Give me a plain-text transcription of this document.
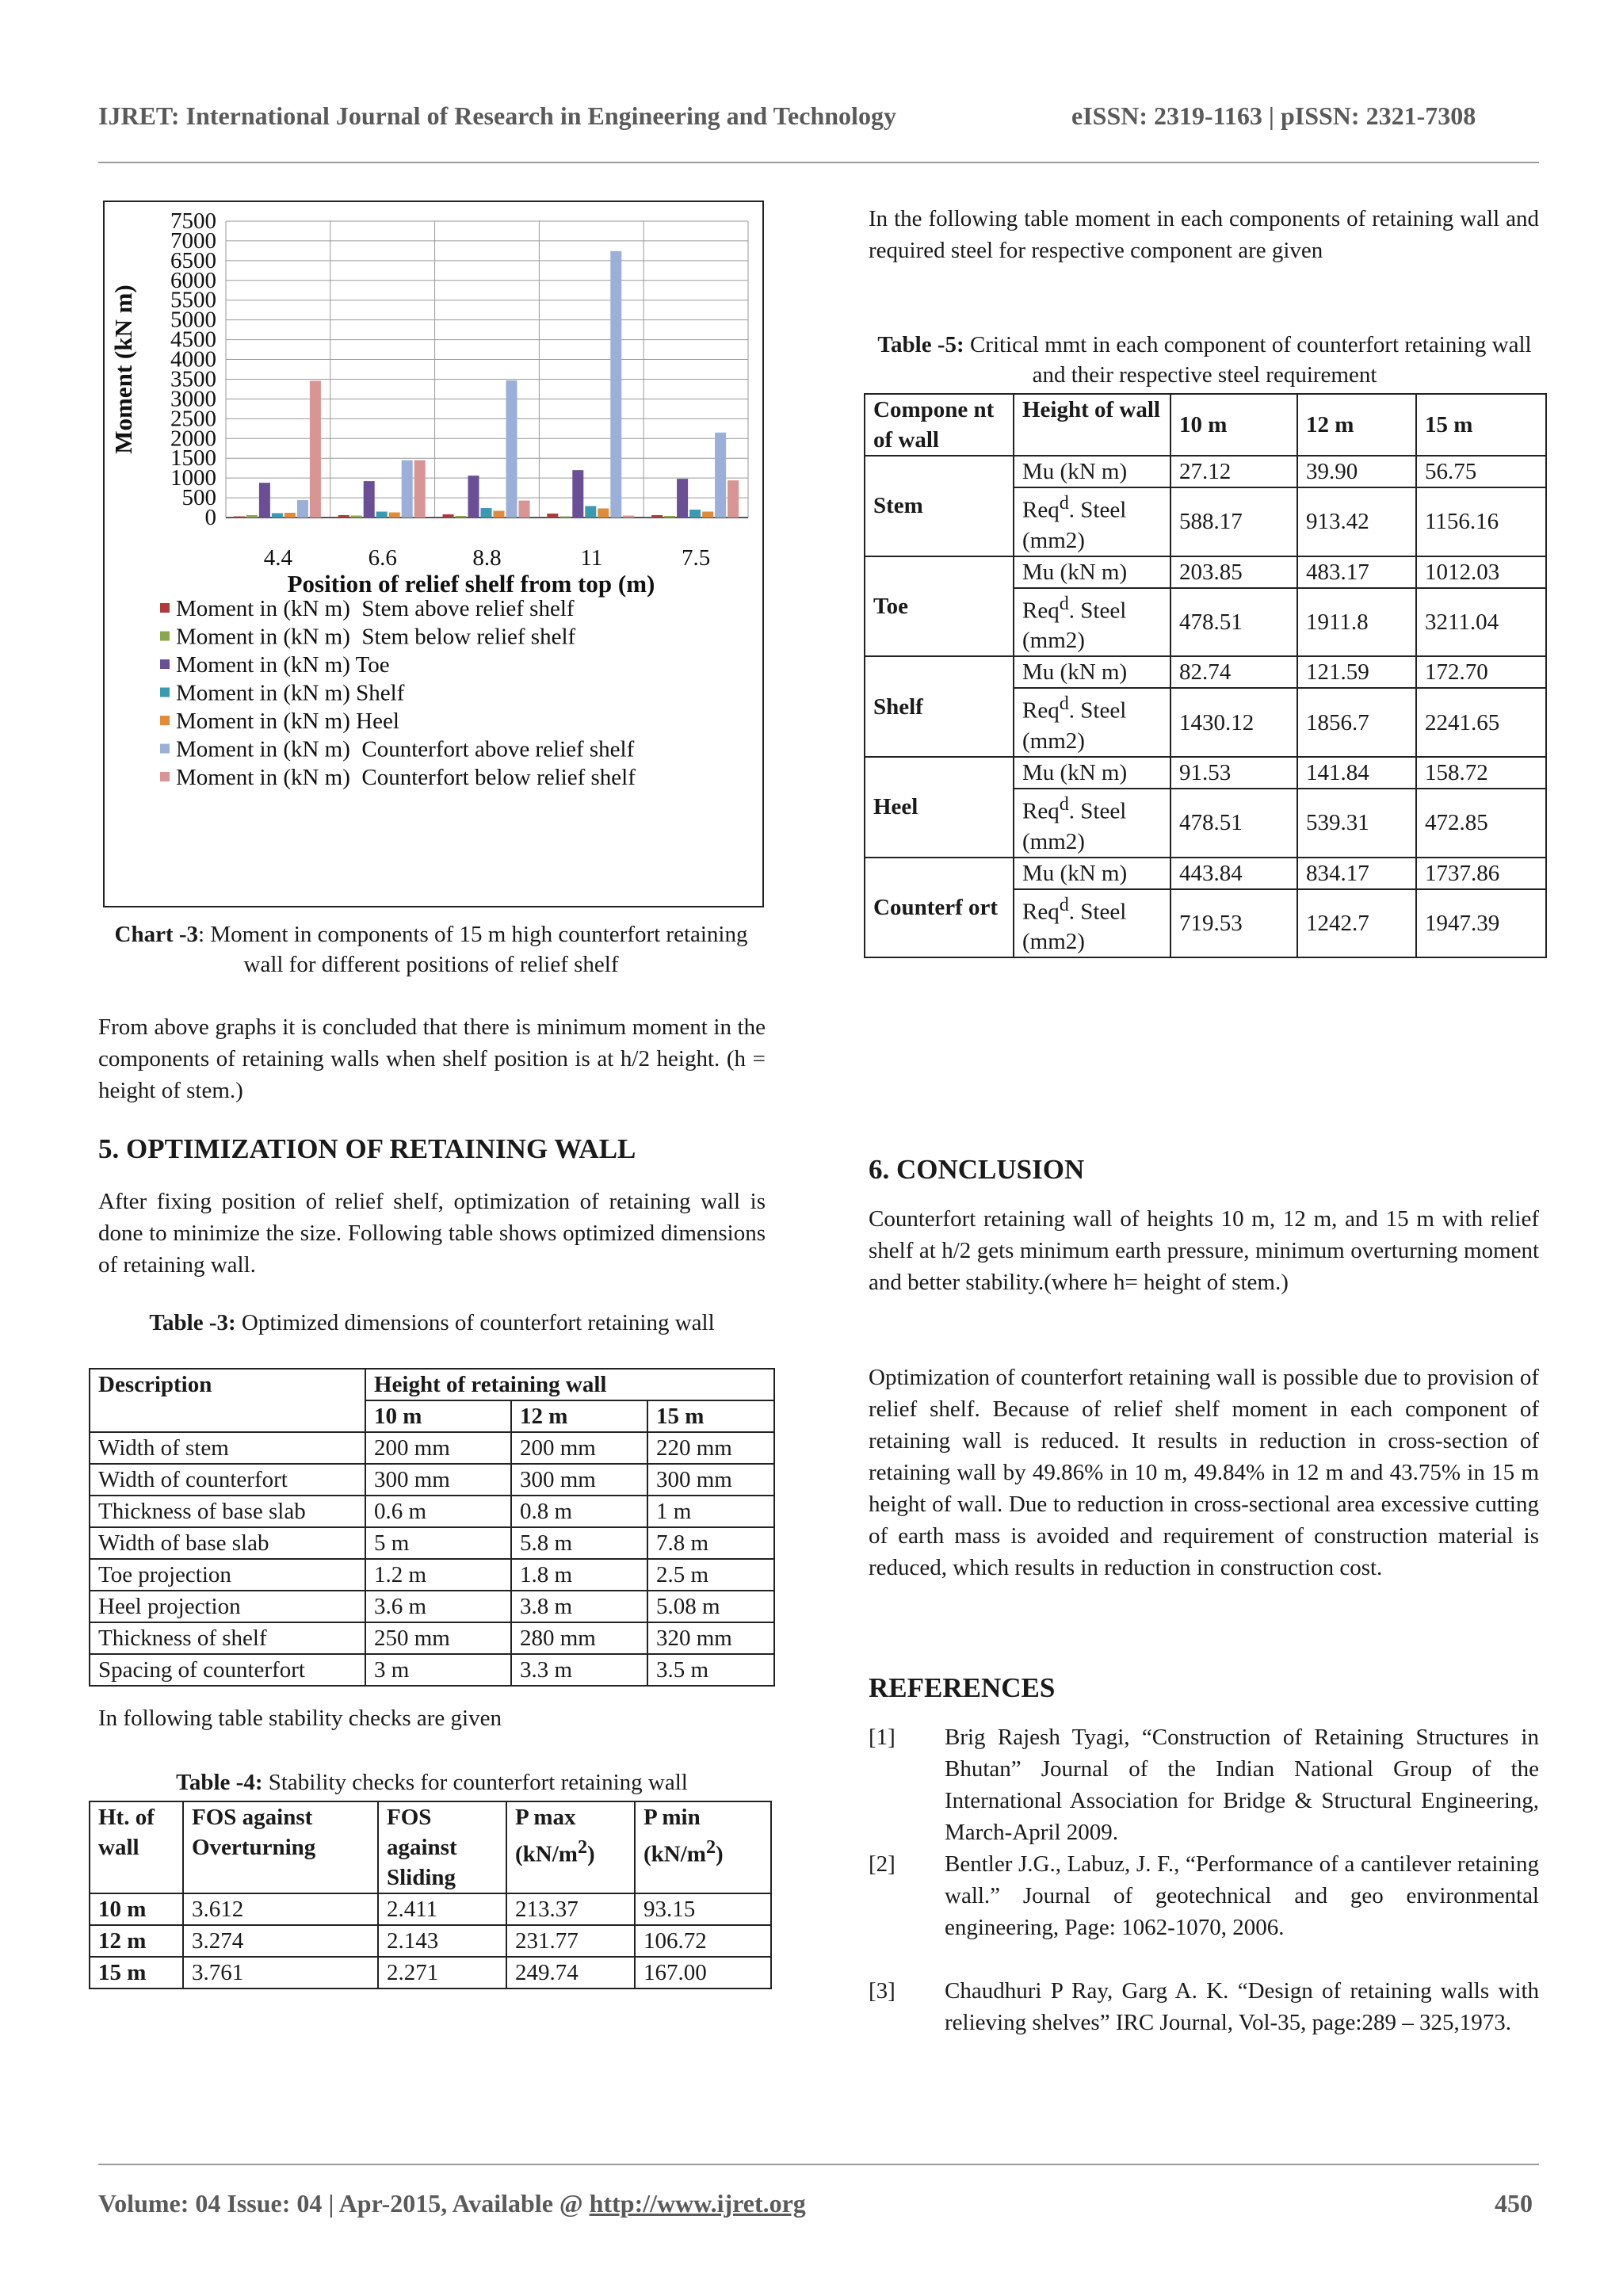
IJRET: International Journal of Research in Engineering and Technology	eISSN: 2319-1163 | pISSN: 2321-7308
7500
7000
6500
6000
5500
5000
4500
4000
3500
3000
2500
2000
1500
1000
500
0
4.4	6.6	8.8	11	7.5
Moment (kN m)
Position of relief shelf from top (m)
Moment in (kN m)  Stem above relief shelf
Moment in (kN m)  Stem below relief shelf
Moment in (kN m) Toe
Moment in (kN m) Shelf
Moment in (kN m) Heel
Moment in (kN m)  Counterfort above relief shelf
Moment in (kN m)  Counterfort below relief shelf
Chart -3: Moment in components of 15 m high counterfort retaining wall for different positions of relief shelf
From above graphs it is concluded that there is minimum moment in the components of retaining walls when shelf position is at h/2 height. (h = height of stem.)
5. OPTIMIZATION OF RETAINING WALL
After fixing position of relief shelf, optimization of retaining wall is done to minimize the size. Following table shows optimized dimensions of retaining wall.
Table -3: Optimized dimensions of counterfort retaining wall
Description	Height of retaining wall		
	10 m	12 m	15 m
Width of stem	200 mm	200 mm	220 mm
Width of counterfort	300 mm	300 mm	300 mm
Thickness of base slab	0.6 m	0.8 m	1 m
Width of base slab	5 m	5.8 m	7.8 m
Toe projection	1.2 m	1.8 m	2.5 m
Heel projection	3.6 m	3.8 m	5.08 m
Thickness of shelf	250 mm	280 mm	320 mm
Spacing of counterfort	3 m	3.3 m	3.5 m
In following table stability checks are given
Table -4: Stability checks for counterfort retaining wall
Ht. of wall	FOS against Overturning	FOS against Sliding	P $\max (kN/m^2)$	P $\min (kN/m^2)$
10 m	3.612	2.411	213.37	93.15
12 m	3.274	2.143	231.77	106.72
15 m	3.761	2.271	249.74	167.00
In the following table moment in each components of retaining wall and required steel for respective component are given
Table -5: Critical mmt in each component of counterfort retaining wall and their respective steel requirement
Compone nt of wall	Height of wall	10 m	12 m	15 m
Stem	Mu (kN m)	27.12	39.90	56.75
	Req$^d$. Steel (mm2)	588.17	913.42	1156.16
Toe	Mu (kN m)	203.85	483.17	1012.03
	Req$^d$. Steel (mm2)	478.51	1911.8	3211.04
Shelf	Mu (kN m)	82.74	121.59	172.70
	Req$^d$. Steel (mm2)	1430.12	1856.7	2241.65
Heel	Mu (kN m)	91.53	141.84	158.72
	Req$^d$. Steel (mm2)	478.51	539.31	472.85
Counterf ort	Mu (kN m)	443.84	834.17	1737.86
	Req$^d$. Steel (mm2)	719.53	1242.7	1947.39
6. CONCLUSION
Counterfort retaining wall of heights 10 m, 12 m, and 15 m with relief shelf at h/2 gets minimum earth pressure, minimum overturning moment and better stability.(where h= height of stem.)
Optimization of counterfort retaining wall is possible due to provision of relief shelf. Because of relief shelf moment in each component of retaining wall is reduced. It results in reduction in cross-section of retaining wall by 49.86% in 10 m, 49.84% in 12 m and 43.75% in 15 m height of wall. Due to reduction in cross-sectional area excessive cutting of earth mass is avoided and requirement of construction material is reduced, which results in reduction in construction cost.
REFERENCES
[1] Brig Rajesh Tyagi, “Construction of Retaining Structures in Bhutan” Journal of the Indian National Group of the International Association for Bridge & Structural Engineering, March-April 2009.
[2] Bentler J.G., Labuz, J. F., “Performance of a cantilever retaining wall.” Journal of geotechnical and geo environmental engineering, Page: 1062-1070, 2006.
[3] Chaudhuri P Ray, Garg A. K. “Design of retaining walls with relieving shelves” IRC Journal, Vol-35, page:289 – 325,1973.
Volume: 04 Issue: 04 | Apr-2015, Available @ http://www.ijret.org	450
